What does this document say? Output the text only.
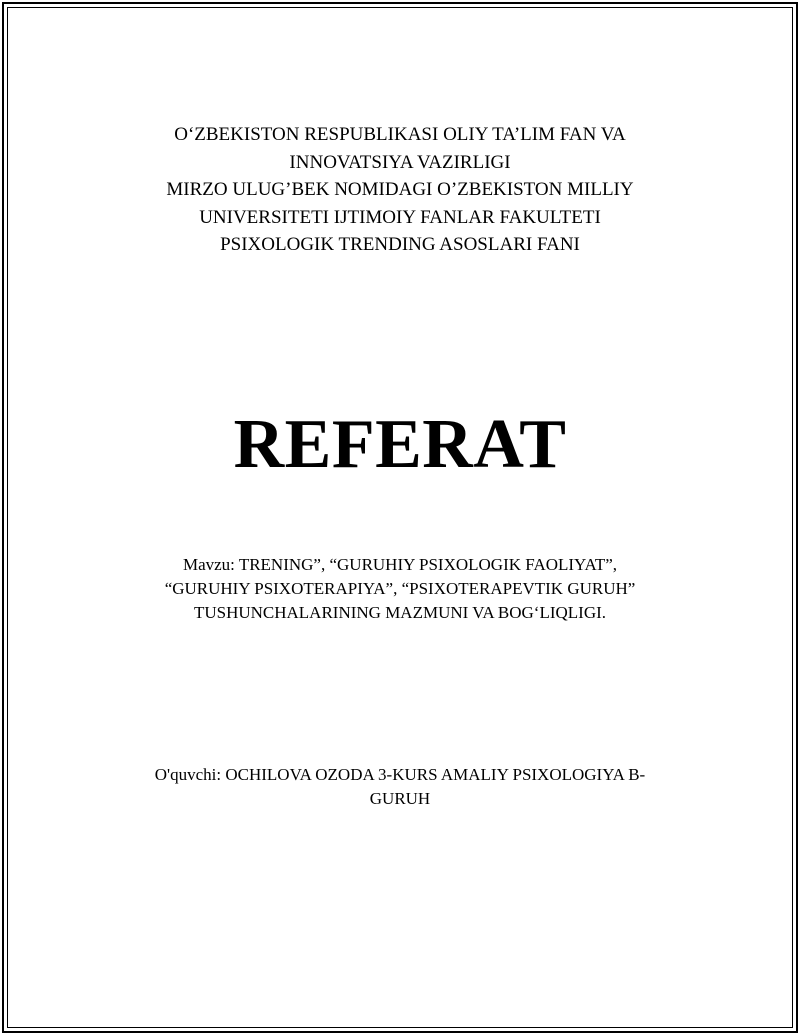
O‘ZBEKISTON RESPUBLIKASI OLIY TA’LIM FAN VA
INNOVATSIYA VAZIRLIGI
MIRZO ULUG’BEK NOMIDAGI O’ZBEKISTON MILLIY
UNIVERSITETI IJTIMOIY FANLAR FAKULTETI
PSIXOLOGIK TRENDING ASOSLARI FANI
REFERAT
Mavzu: TRENING”, “GURUHIY PSIXOLOGIK FAOLIYAT”,
“GURUHIY PSIXOTERAPIYA”, “PSIXOTERAPEVTIK GURUH”
TUSHUNCHALARINING MAZMUNI VA BOG‘LIQLIGI.
O'quvchi: OCHILOVA OZODA 3-KURS AMALIY PSIXOLOGIYA B-
GURUH
